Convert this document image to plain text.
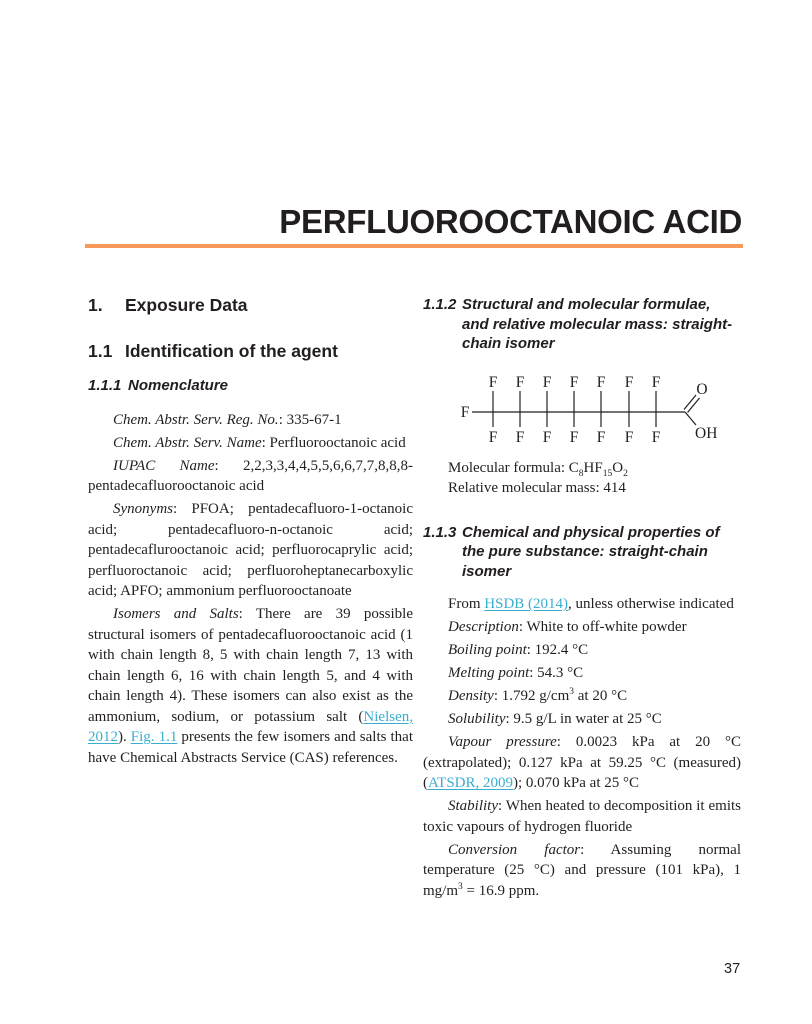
PERFLUOROOCTANOIC ACID
1.	Exposure Data
1.1 Identification of the agent
1.1.1 Nomenclature

Chem. Abstr. Serv. Reg. No.: 335-67-1

Chem. Abstr. Serv. Name: Perfluorooctanoic acid

IUPAC Name: 2,2,3,3,4,4,5,5,6,6,7,7,8,8,8-pentadecafluorooctanoic acid

Synonyms: PFOA; pentadecafluoro-1-octanoic acid; pentadecafluoro-n-octanoic acid; pentadecaflurooctanoic acid; perfluorocaprylic acid; perfluoroctanoic acid; perfluoroheptanecarboxylic acid; APFO; ammonium perfluorooctanoate

Isomers and Salts: There are 39 possible structural isomers of pentadecafluorooctanoic acid (1 with chain length 8, 5 with chain length 7, 13 with chain length 6, 16 with chain length 5, and 4 with chain length 4). These isomers can also exist as the ammonium, sodium, or potassium salt (Nielsen, 2012). Fig. 1.1 presents the few isomers and salts that have Chemical Abstracts Service (CAS) references.

1.1.2 Structural and molecular formulae, and relative molecular mass: straight-chain isomer
F
F F F F F F F
F F F F F F F
O
OH

Molecular formula: $C_8HF_{15}O_2$

Relative molecular mass: 414

1.1.3 Chemical and physical properties of the pure substance: straight-chain isomer

From HSDB (2014), unless otherwise indicated

Description: White to off-white powder

Boiling point: 192.4 °C

Melting point: 54.3 °C

Density: 1.792 $g/cm^3$ at 20 °C

Solubility: 9.5 g/L in water at 25 °C

Vapour pressure: 0.0023 kPa at 20 °C (extrapolated); 0.127 kPa at 59.25 °C (measured) (ATSDR, 2009); 0.070 kPa at 25 °C

Stability: When heated to decomposition it emits toxic vapours of hydrogen fluoride

Conversion factor: Assuming normal temperature (25 °C) and pressure (101 kPa), 1 $mg/m^3 = 16.9$ ppm.

37
